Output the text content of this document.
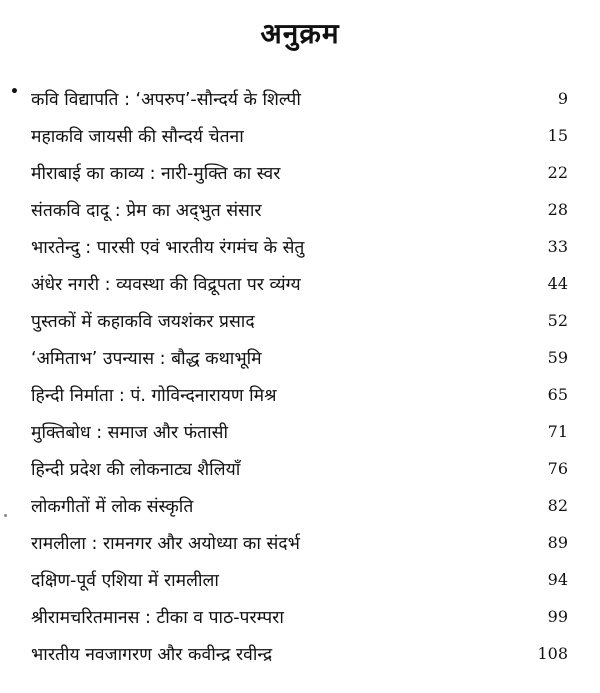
अनुक्रम
• कवि विद्यापति : ‘अपरुप’-सौन्दर्य के शिल्पी	9
महाकवि जायसी की सौन्दर्य चेतना	15
मीराबाई का काव्य : नारी-मुक्ति का स्वर	22
संतकवि दादू : प्रेम का अद्‌भुत संसार	28
भारतेन्दु : पारसी एवं भारतीय रंगमंच के सेतु	33
अंधेर नगरी : व्यवस्था की विद्रूपता पर व्यंग्य	44
पुस्तकों में कहाकवि जयशंकर प्रसाद	52
‘अमिताभ’ उपन्यास : बौद्ध कथाभूमि	59
हिन्दी निर्माता : पं. गोविन्दनारायण मिश्र	65
मुक्तिबोध : समाज और फंतासी	71
हिन्दी प्रदेश की लोकनाट्य शैलियाँ	76
लोकगीतों में लोक संस्कृति	82
रामलीला : रामनगर और अयोध्या का संदर्भ	89
दक्षिण-पूर्व एशिया में रामलीला	94
श्रीरामचरितमानस : टीका व पाठ-परम्परा	99
भारतीय नवजागरण और कवीन्द्र रवीन्द्र	108
